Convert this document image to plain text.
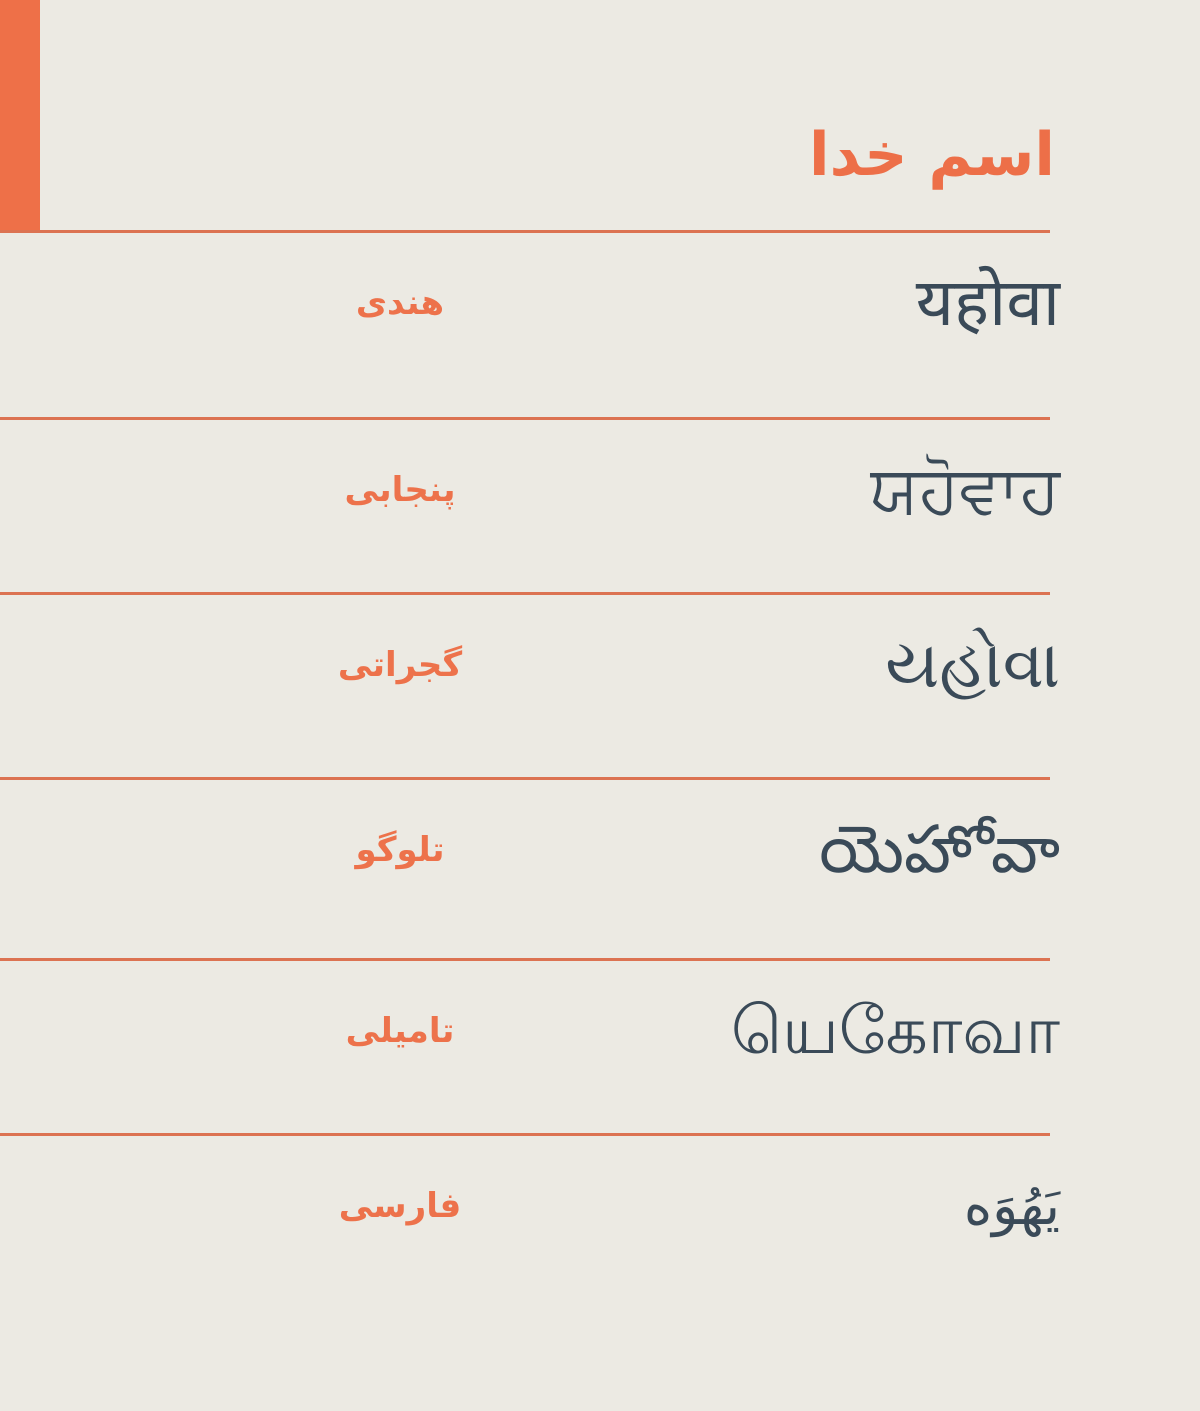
اسم خدا
هندی	यहोवा
پنجابی	ਯਹੋਵਾਹ
گجراتی	યહોવા
تلوگو	యెహోవా
تامیلی	யெகோவா
فارسی	یَهُوَه
